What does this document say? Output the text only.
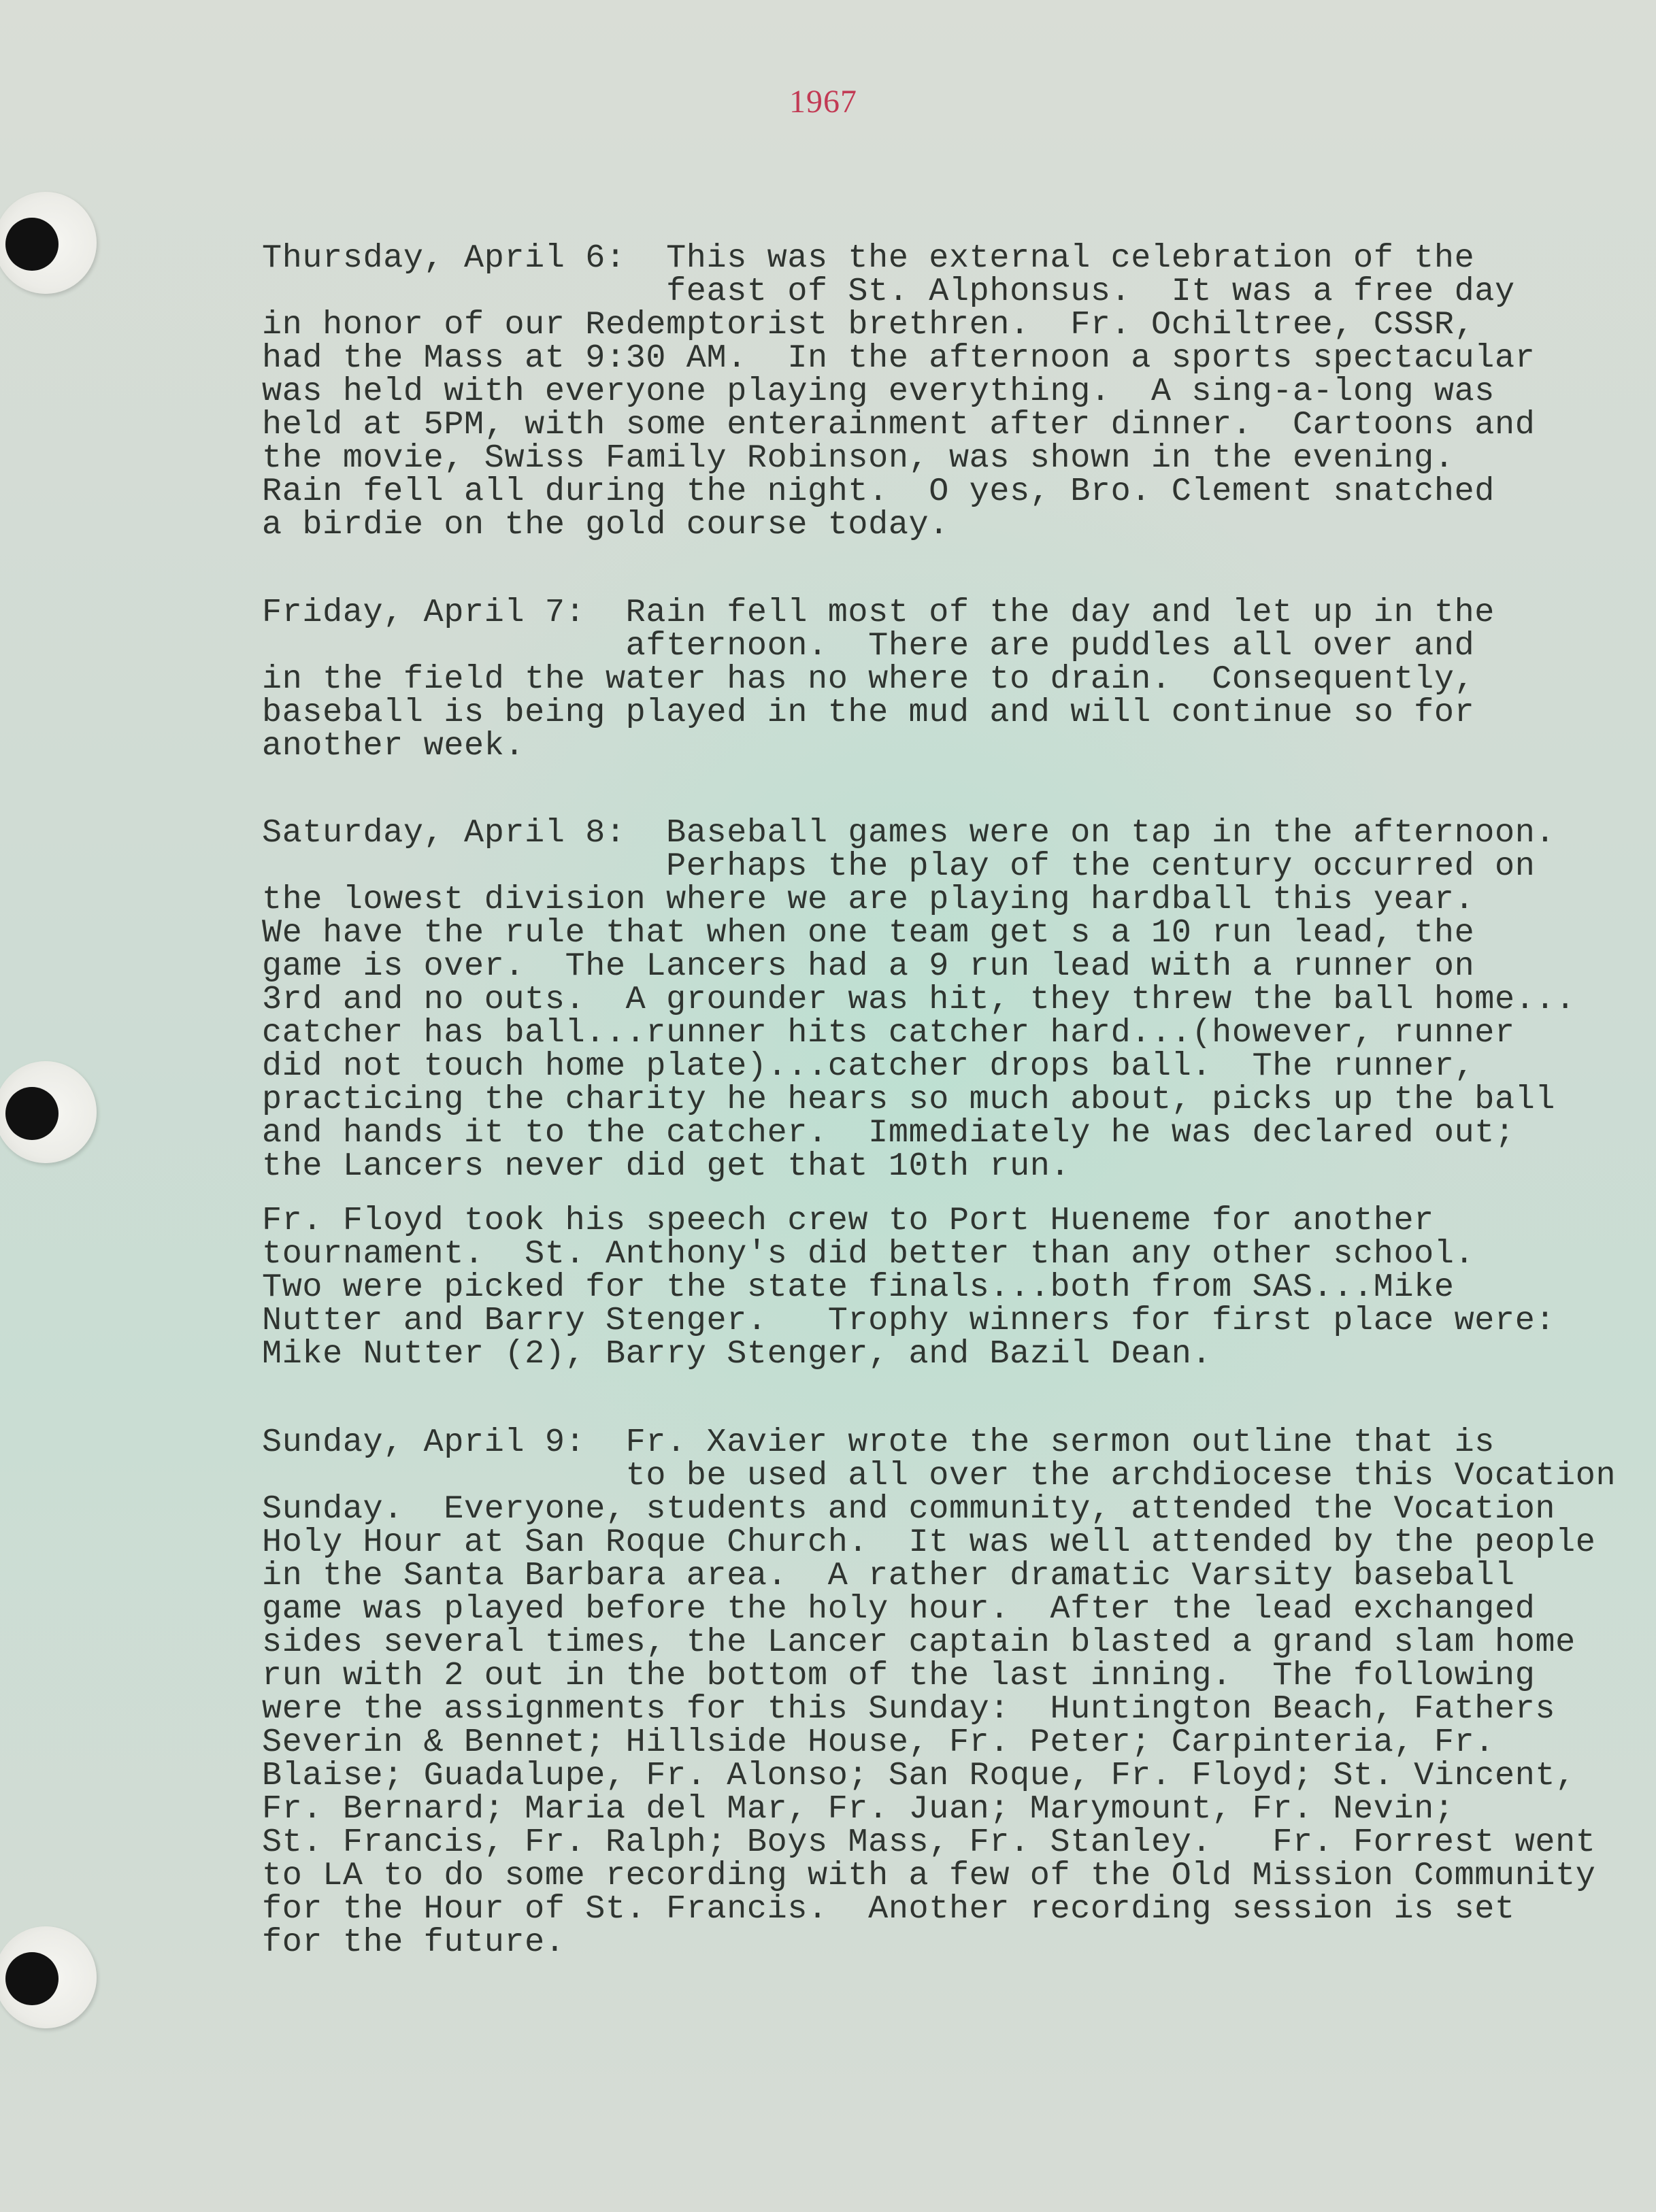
1967
Thursday, April 6:  This was the external celebration of the
feast of St. Alphonsus.  It was a free day
in honor of our Redemptorist brethren.  Fr. Ochiltree, CSSR,
had the Mass at 9:30 AM.  In the afternoon a sports spectacular
was held with everyone playing everything.  A sing-a-long was
held at 5PM, with some enterainment after dinner.  Cartoons and
the movie, Swiss Family Robinson, was shown in the evening.
Rain fell all during the night.  O yes, Bro. Clement snatched
a birdie on the gold course today.
Friday, April 7:  Rain fell most of the day and let up in the
afternoon.  There are puddles all over and
in the field the water has no where to drain.  Consequently,
baseball is being played in the mud and will continue so for
another week.
Saturday, April 8:  Baseball games were on tap in the afternoon.
Perhaps the play of the century occurred on
the lowest division where we are playing hardball this year.
We have the rule that when one team get s a 10 run lead, the
game is over.  The Lancers had a 9 run lead with a runner on
3rd and no outs.  A grounder was hit, they threw the ball home...
catcher has ball...runner hits catcher hard...(however, runner
did not touch home plate)...catcher drops ball.  The runner,
practicing the charity he hears so much about, picks up the ball
and hands it to the catcher.  Immediately he was declared out;
the Lancers never did get that 10th run.
Fr. Floyd took his speech crew to Port Hueneme for another
tournament.  St. Anthony's did better than any other school.
Two were picked for the state finals...both from SAS...Mike
Nutter and Barry Stenger.   Trophy winners for first place were:
Mike Nutter (2), Barry Stenger, and Bazil Dean.
Sunday, April 9:  Fr. Xavier wrote the sermon outline that is
to be used all over the archdiocese this Vocation
Sunday.  Everyone, students and community, attended the Vocation
Holy Hour at San Roque Church.  It was well attended by the people
in the Santa Barbara area.  A rather dramatic Varsity baseball
game was played before the holy hour.  After the lead exchanged
sides several times, the Lancer captain blasted a grand slam home
run with 2 out in the bottom of the last inning.  The following
were the assignments for this Sunday:  Huntington Beach, Fathers
Severin & Bennet; Hillside House, Fr. Peter; Carpinteria, Fr.
Blaise; Guadalupe, Fr. Alonso; San Roque, Fr. Floyd; St. Vincent,
Fr. Bernard; Maria del Mar, Fr. Juan; Marymount, Fr. Nevin;
St. Francis, Fr. Ralph; Boys Mass, Fr. Stanley.   Fr. Forrest went
to LA to do some recording with a few of the Old Mission Community
for the Hour of St. Francis.  Another recording session is set
for the future.
